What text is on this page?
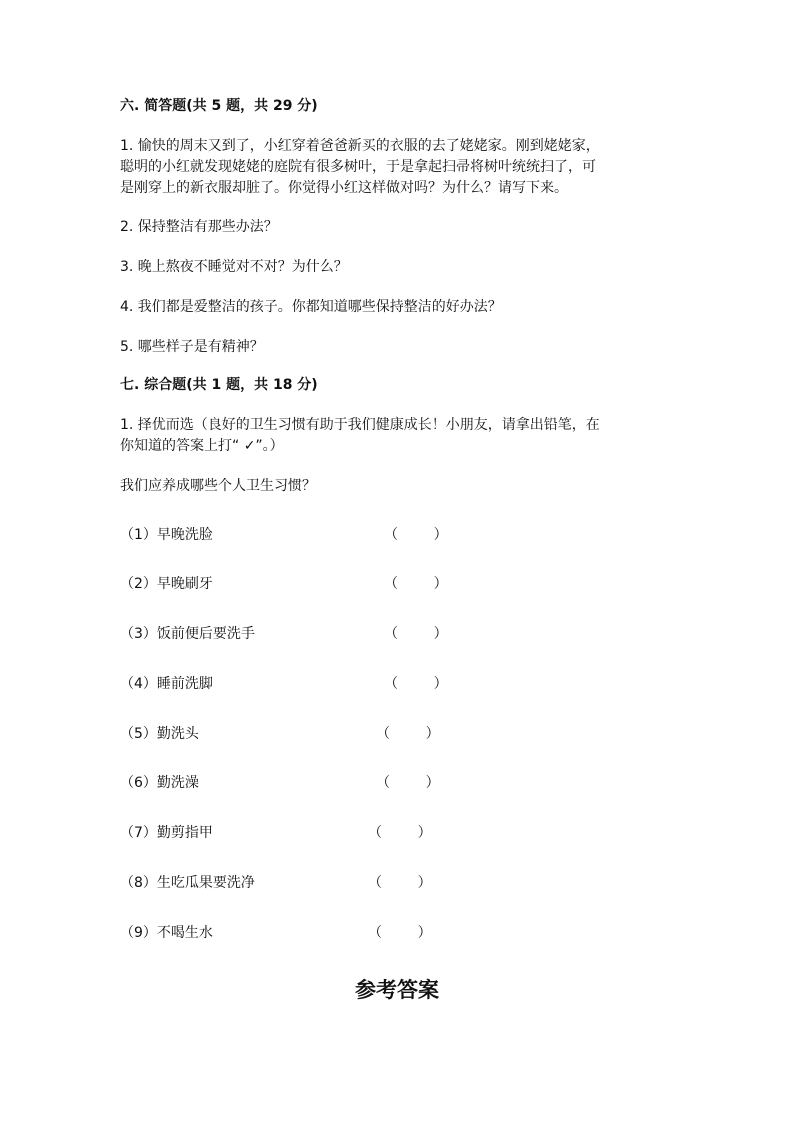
六. 简答题(共 5 题，共 29 分)
1. 愉快的周末又到了，小红穿着爸爸新买的衣服的去了姥姥家。刚到姥姥家，
聪明的小红就发现姥姥的庭院有很多树叶，于是拿起扫帚将树叶统统扫了，可
是刚穿上的新衣服却脏了。你觉得小红这样做对吗？为什么？请写下来。
2. 保持整洁有那些办法？
3. 晚上熬夜不睡觉对不对？为什么？
4. 我们都是爱整洁的孩子。你都知道哪些保持整洁的好办法？
5. 哪些样子是有精神？
七. 综合题(共 1 题，共 18 分)
1. 择优而选（良好的卫生习惯有助于我们健康成长！小朋友，请拿出铅笔，在
你知道的答案上打“ ✓”。）
我们应养成哪些个人卫生习惯？
（1）早晚洗脸	（        ）
（2）早晚刷牙	（        ）
（3）饭前便后要洗手	（        ）
（4）睡前洗脚	（        ）
（5）勤洗头	（        ）
（6）勤洗澡	（        ）
（7）勤剪指甲	（        ）
（8）生吃瓜果要洗净	（        ）
（9）不喝生水	（        ）
参考答案
